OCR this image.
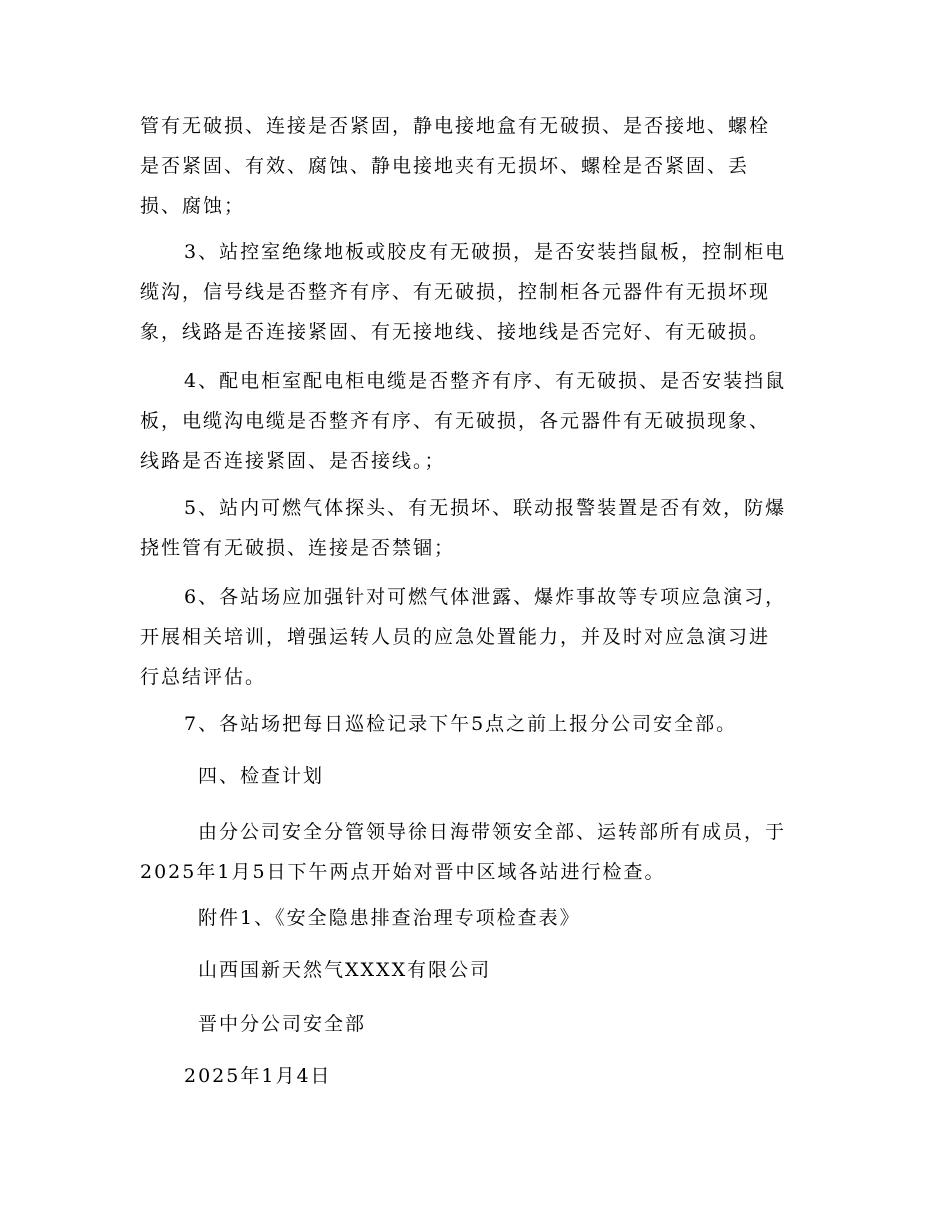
管有无破损、连接是否紧固，静电接地盒有无破损、是否接地、螺栓
是否紧固、有效、腐蚀、静电接地夹有无损坏、螺栓是否紧固、丢
损、腐蚀；

3、站控室绝缘地板或胶皮有无破损，是否安装挡鼠板，控制柜电
缆沟，信号线是否整齐有序、有无破损，控制柜各元器件有无损坏现
象，线路是否连接紧固、有无接地线、接地线是否完好、有无破损。

4、配电柜室配电柜电缆是否整齐有序、有无破损、是否安装挡鼠
板，电缆沟电缆是否整齐有序、有无破损，各元器件有无破损现象、
线路是否连接紧固、是否接线。；

5、站内可燃气体探头、有无损坏、联动报警装置是否有效，防爆
挠性管有无破损、连接是否禁锢；

6、各站场应加强针对可燃气体泄露、爆炸事故等专项应急演习，
开展相关培训，增强运转人员的应急处置能力，并及时对应急演习进
行总结评估。

7、各站场把每日巡检记录下午5点之前上报分公司安全部。

四、检查计划

由分公司安全分管领导徐日海带领安全部、运转部所有成员，于
2025年1月5日下午两点开始对晋中区域各站进行检查。

附件1、《安全隐患排查治理专项检查表》

山西国新天然气XXXX有限公司

晋中分公司安全部

2025年1月4日
